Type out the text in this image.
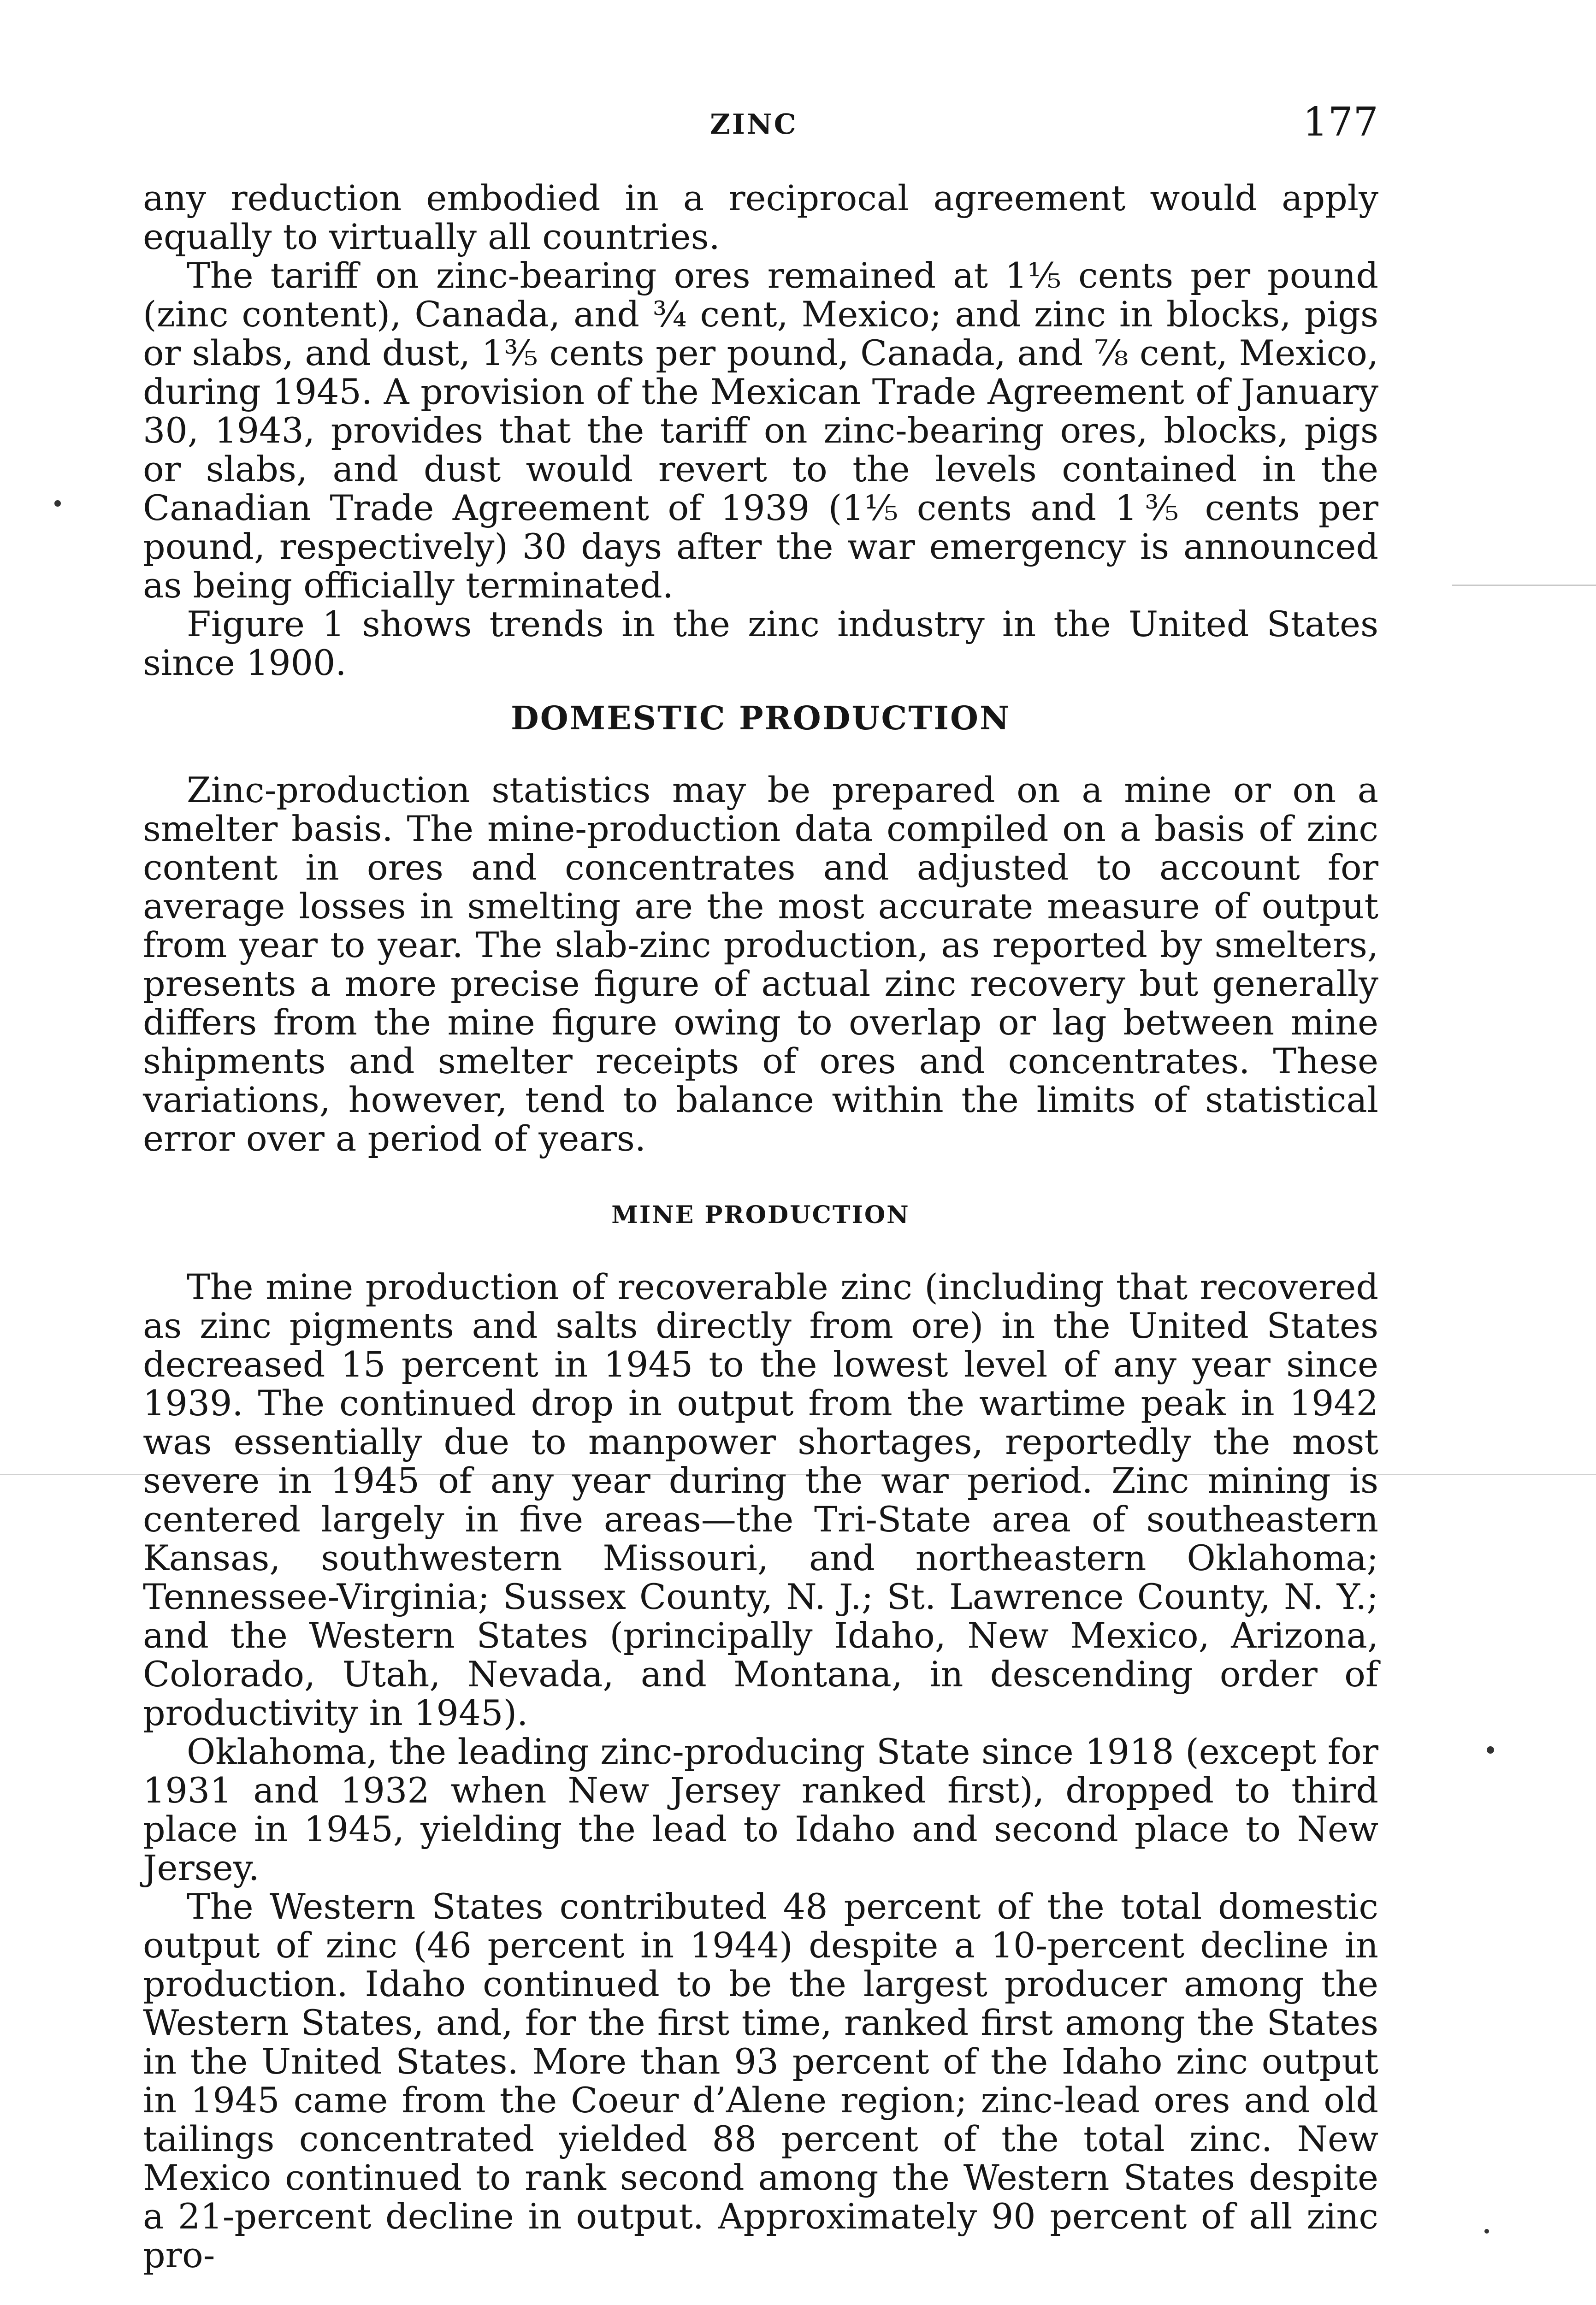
ZINC	177

any reduction embodied in a reciprocal agreement would apply equally to virtually all countries.

The tariff on zinc-bearing ores remained at 1⅕ cents per pound (zinc content), Canada, and ¾ cent, Mexico; and zinc in blocks, pigs or slabs, and dust, 1⅗ cents per pound, Canada, and ⅞ cent, Mexico, during 1945. A provision of the Mexican Trade Agreement of January 30, 1943, provides that the tariff on zinc-bearing ores, blocks, pigs or slabs, and dust would revert to the levels contained in the Canadian Trade Agreement of 1939 (1⅕ cents and 1⅗ cents per pound, respectively) 30 days after the war emergency is announced as being officially terminated.

Figure 1 shows trends in the zinc industry in the United States since 1900.

DOMESTIC PRODUCTION

Zinc-production statistics may be prepared on a mine or on a smelter basis. The mine-production data compiled on a basis of zinc content in ores and concentrates and adjusted to account for average losses in smelting are the most accurate measure of output from year to year. The slab-zinc production, as reported by smelters, presents a more precise figure of actual zinc recovery but generally differs from the mine figure owing to overlap or lag between mine shipments and smelter receipts of ores and concentrates. These variations, however, tend to balance within the limits of statistical error over a period of years.

MINE PRODUCTION

The mine production of recoverable zinc (including that recovered as zinc pigments and salts directly from ore) in the United States decreased 15 percent in 1945 to the lowest level of any year since 1939. The continued drop in output from the wartime peak in 1942 was essentially due to manpower shortages, reportedly the most severe in 1945 of any year during the war period. Zinc mining is centered largely in five areas—the Tri-State area of southeastern Kansas, southwestern Missouri, and northeastern Oklahoma; Tennessee-Virginia; Sussex County, N. J.; St. Lawrence County, N. Y.; and the Western States (principally Idaho, New Mexico, Arizona, Colorado, Utah, Nevada, and Montana, in descending order of productivity in 1945).

Oklahoma, the leading zinc-producing State since 1918 (except for 1931 and 1932 when New Jersey ranked first), dropped to third place in 1945, yielding the lead to Idaho and second place to New Jersey.

The Western States contributed 48 percent of the total domestic output of zinc (46 percent in 1944) despite a 10-percent decline in production. Idaho continued to be the largest producer among the Western States, and, for the first time, ranked first among the States in the United States. More than 93 percent of the Idaho zinc output in 1945 came from the Coeur d’Alene region; zinc-lead ores and old tailings concentrated yielded 88 percent of the total zinc. New Mexico continued to rank second among the Western States despite a 21-percent decline in output. Approximately 90 percent of all zinc pro-
